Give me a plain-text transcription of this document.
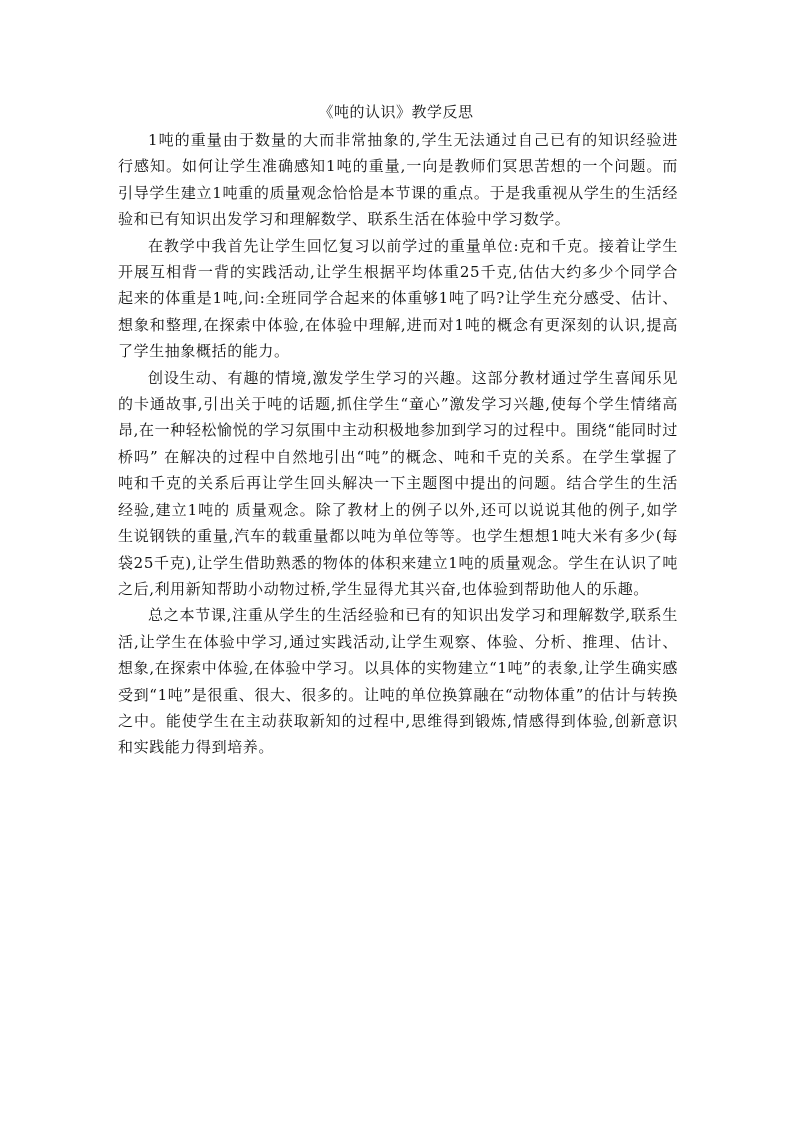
《吨的认识》教学反思

1吨的重量由于数量的大而非常抽象的,学生无法通过自己已有的知识经验进行感知。如何让学生准确感知1吨的重量,一向是教师们冥思苦想的一个问题。而引导学生建立1吨重的质量观念恰恰是本节课的重点。于是我重视从学生的生活经验和已有知识出发学习和理解数学、联系生活在体验中学习数学。

在教学中我首先让学生回忆复习以前学过的重量单位:克和千克。接着让学生开展互相背一背的实践活动,让学生根据平均体重25千克,估估大约多少个同学合起来的体重是1吨,问:全班同学合起来的体重够1吨了吗?让学生充分感受、估计、想象和整理,在探索中体验,在体验中理解,进而对1吨的概念有更深刻的认识,提高了学生抽象概括的能力。

创设生动、有趣的情境,激发学生学习的兴趣。这部分教材通过学生喜闻乐见的卡通故事,引出关于吨的话题,抓住学生“童心”激发学习兴趣,使每个学生情绪高昂,在一种轻松愉悦的学习氛围中主动积极地参加到学习的过程中。围绕“能同时过桥吗” 在解决的过程中自然地引出“吨”的概念、吨和千克的关系。在学生掌握了吨和千克的关系后再让学生回头解决一下主题图中提出的问题。结合学生的生活经验,建立1吨的 质量观念。除了教材上的例子以外,还可以说说其他的例子,如学生说钢铁的重量,汽车的载重量都以吨为单位等等。也学生想想1吨大米有多少(每袋25千克),让学生借助熟悉的物体的体积来建立1吨的质量观念。学生在认识了吨之后,利用新知帮助小动物过桥,学生显得尤其兴奋,也体验到帮助他人的乐趣。

总之本节课,注重从学生的生活经验和已有的知识出发学习和理解数学,联系生活,让学生在体验中学习,通过实践活动,让学生观察、体验、分析、推理、估计、想象,在探索中体验,在体验中学习。以具体的实物建立“1吨”的表象,让学生确实感受到“1吨”是很重、很大、很多的。让吨的单位换算融在“动物体重”的估计与转换之中。能使学生在主动获取新知的过程中,思维得到锻炼,情感得到体验,创新意识和实践能力得到培养。
